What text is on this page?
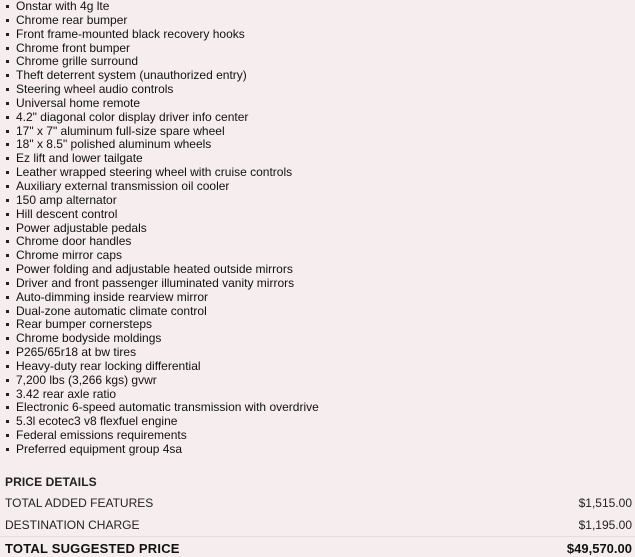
Onstar with 4g lte
Chrome rear bumper
Front frame-mounted black recovery hooks
Chrome front bumper
Chrome grille surround
Theft deterrent system (unauthorized entry)
Steering wheel audio controls
Universal home remote
4.2" diagonal color display driver info center
17" x 7" aluminum full-size spare wheel
18" x 8.5" polished aluminum wheels
Ez lift and lower tailgate
Leather wrapped steering wheel with cruise controls
Auxiliary external transmission oil cooler
150 amp alternator
Hill descent control
Power adjustable pedals
Chrome door handles
Chrome mirror caps
Power folding and adjustable heated outside mirrors
Driver and front passenger illuminated vanity mirrors
Auto-dimming inside rearview mirror
Dual-zone automatic climate control
Rear bumper cornersteps
Chrome bodyside moldings
P265/65r18 at bw tires
Heavy-duty rear locking differential
7,200 lbs (3,266 kgs) gvwr
3.42 rear axle ratio
Electronic 6-speed automatic transmission with overdrive
5.3l ecotec3 v8 flexfuel engine
Federal emissions requirements
Preferred equipment group 4sa
PRICE DETAILS
TOTAL ADDED FEATURES	$1,515.00
DESTINATION CHARGE	$1,195.00
TOTAL SUGGESTED PRICE	$49,570.00
